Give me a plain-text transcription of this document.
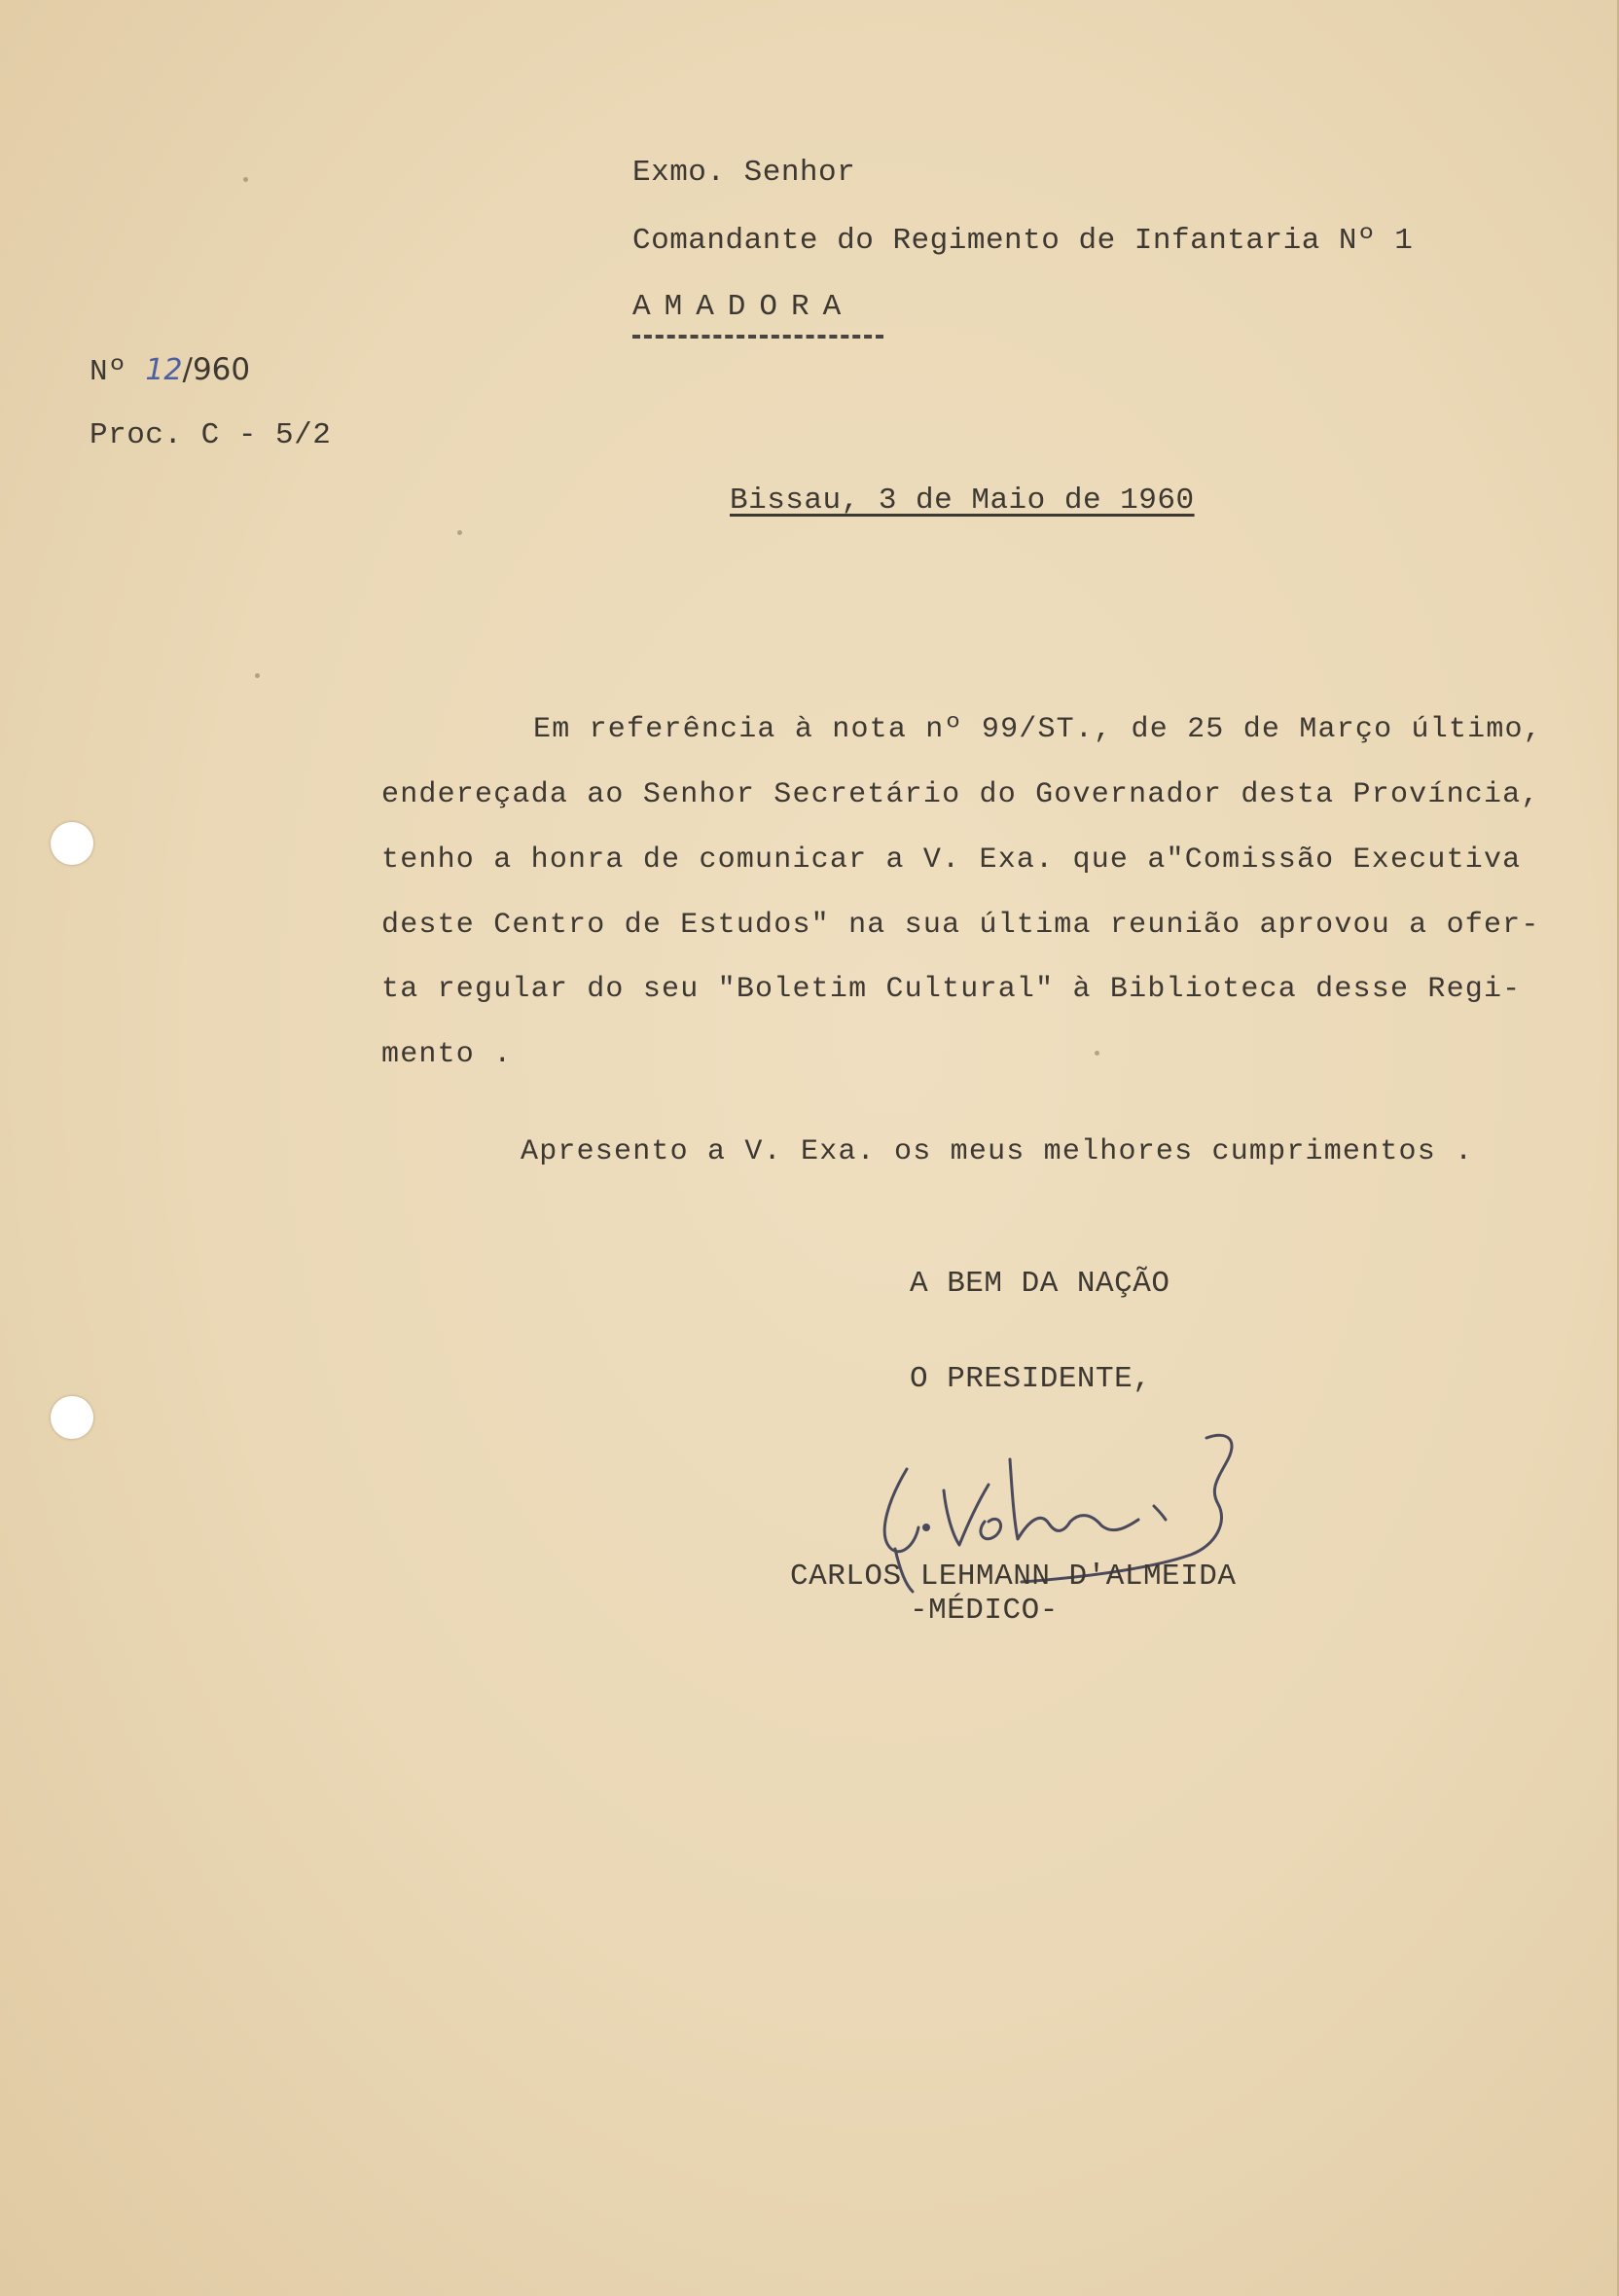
Exmo. Senhor
Comandante do Regimento de Infantaria Nº 1
AMADORA
Nº 12/960
Proc. C - 5/2
Bissau, 3 de Maio de 1960
Em referência à nota nº 99/ST., de 25 de Março último,
endereçada ao Senhor Secretário do Governador desta Província,
tenho a honra de comunicar a V. Exa. que a"Comissão Executiva
deste Centro de Estudos" na sua última reunião aprovou a ofer-
ta regular do seu "Boletim Cultural" à Biblioteca desse Regi-
mento .
Apresento a V. Exa. os meus melhores cumprimentos .
A BEM DA NAÇÃO
O PRESIDENTE,
CARLOS LEHMANN D'ALMEIDA
-MÉDICO-
